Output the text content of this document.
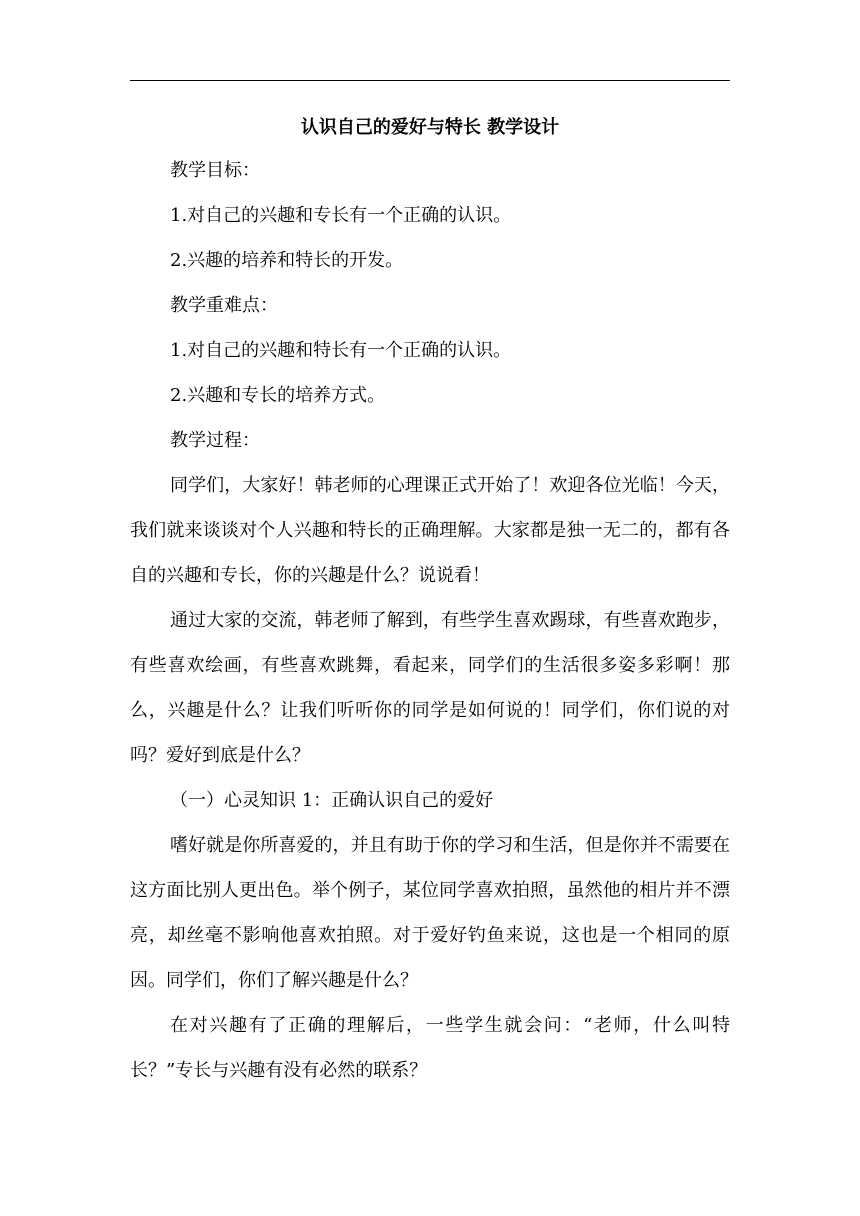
认识自己的爱好与特长 教学设计

教学目标：

1.对自己的兴趣和专长有一个正确的认识。

2.兴趣的培养和特长的开发。

教学重难点：

1.对自己的兴趣和特长有一个正确的认识。

2.兴趣和专长的培养方式。

教学过程：

同学们，大家好！韩老师的心理课正式开始了！欢迎各位光临！今天，我们就来谈谈对个人兴趣和特长的正确理解。大家都是独一无二的，都有各自的兴趣和专长，你的兴趣是什么？说说看！

通过大家的交流，韩老师了解到，有些学生喜欢踢球，有些喜欢跑步，有些喜欢绘画，有些喜欢跳舞，看起来，同学们的生活很多姿多彩啊！那么，兴趣是什么？让我们听听你的同学是如何说的！同学们，你们说的对吗？爱好到底是什么？

（一）心灵知识 1：正确认识自己的爱好

嗜好就是你所喜爱的，并且有助于你的学习和生活，但是你并不需要在这方面比别人更出色。举个例子，某位同学喜欢拍照，虽然他的相片并不漂亮，却丝毫不影响他喜欢拍照。对于爱好钓鱼来说，这也是一个相同的原因。同学们，你们了解兴趣是什么？

在对兴趣有了正确的理解后，一些学生就会问：“老师，什么叫特长？”专长与兴趣有没有必然的联系？
